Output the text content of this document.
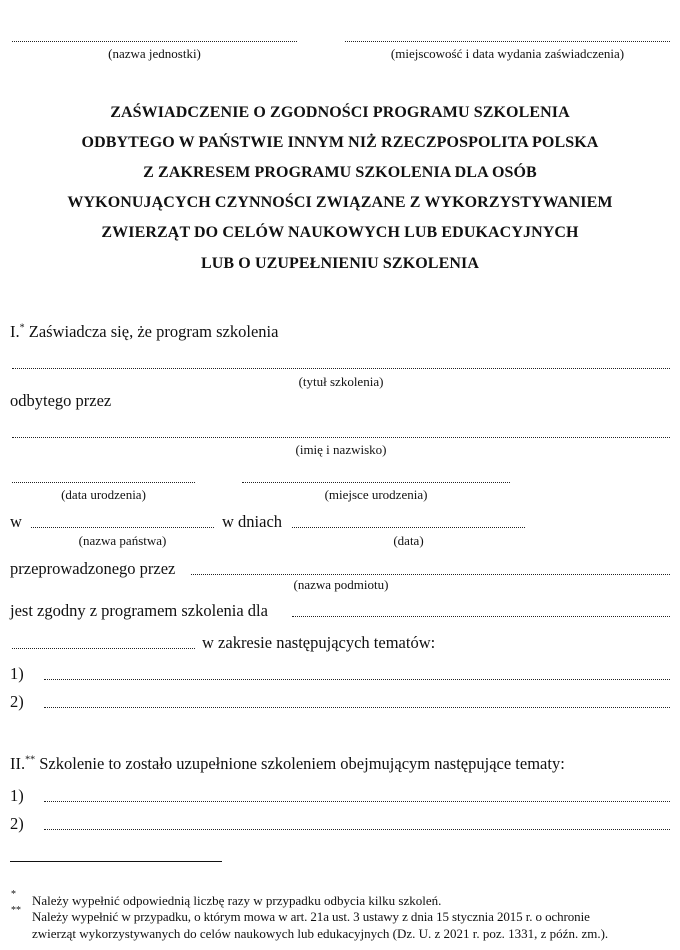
(nazwa jednostki)	(miejscowość i data wydania zaświadczenia)
ZAŚWIADCZENIE O ZGODNOŚCI PROGRAMU SZKOLENIA
ODBYTEGO W PAŃSTWIE INNYM NIŻ RZECZPOSPOLITA POLSKA
Z ZAKRESEM PROGRAMU SZKOLENIA DLA OSÓB
WYKONUJĄCYCH CZYNNOŚCI ZWIĄZANE Z WYKORZYSTYWANIEM
ZWIERZĄT DO CELÓW NAUKOWYCH LUB EDUKACYJNYCH
LUB O UZUPEŁNIENIU SZKOLENIA
I.* Zaświadcza się, że program szkolenia
(tytuł szkolenia)
odbytego przez
(imię i nazwisko)
(data urodzenia)	(miejsce urodzenia)
w
(nazwa państwa)
w dniach
(data)
przeprowadzonego przez
(nazwa podmiotu)
jest zgodny z programem szkolenia dla
w zakresie następujących tematów:
1)
2)
II.** Szkolenie to zostało uzupełnione szkoleniem obejmującym następujące tematy:
1)
2)
* Należy wypełnić odpowiednią liczbę razy w przypadku odbycia kilku szkoleń.
** Należy wypełnić w przypadku, o którym mowa w art. 21a ust. 3 ustawy z dnia 15 stycznia 2015 r. o ochronie
zwierząt wykorzystywanych do celów naukowych lub edukacyjnych (Dz. U. z 2021 r. poz. 1331, z późn. zm.).
